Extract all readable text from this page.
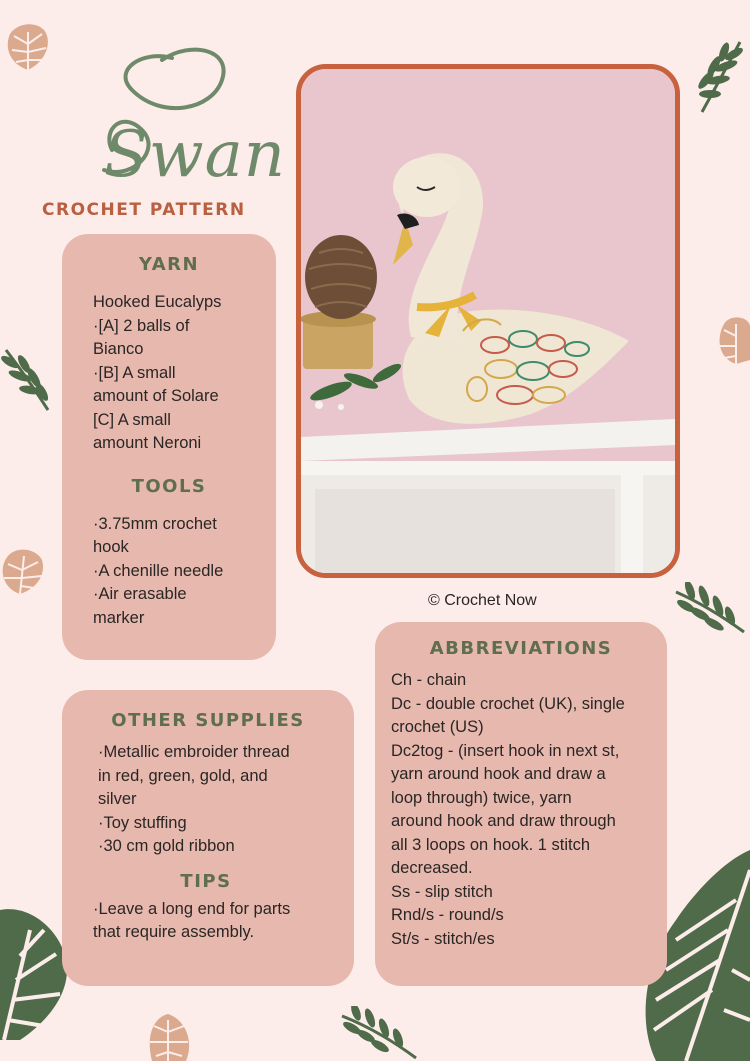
Swan
CROCHET PATTERN
YARN
Hooked Eucalyps
·[A] 2 balls of
Bianco
·[B] A small
amount of Solare
[C] A small
amount Neroni
TOOLS
·3.75mm crochet
hook
·A chenille needle
·Air erasable
marker
© Crochet Now
OTHER SUPPLIES
·Metallic embroider thread
in red, green, gold, and
silver
·Toy stuffing
·30 cm gold ribbon
TIPS
·Leave a long end for parts
that require assembly.
ABBREVIATIONS
Ch - chain
Dc - double crochet (UK), single
crochet (US)
Dc2tog - (insert hook in next st,
yarn around hook and draw a
loop through) twice, yarn
around hook and draw through
all 3 loops on hook. 1 stitch
decreased.
Ss - slip stitch
Rnd/s - round/s
St/s - stitch/es
